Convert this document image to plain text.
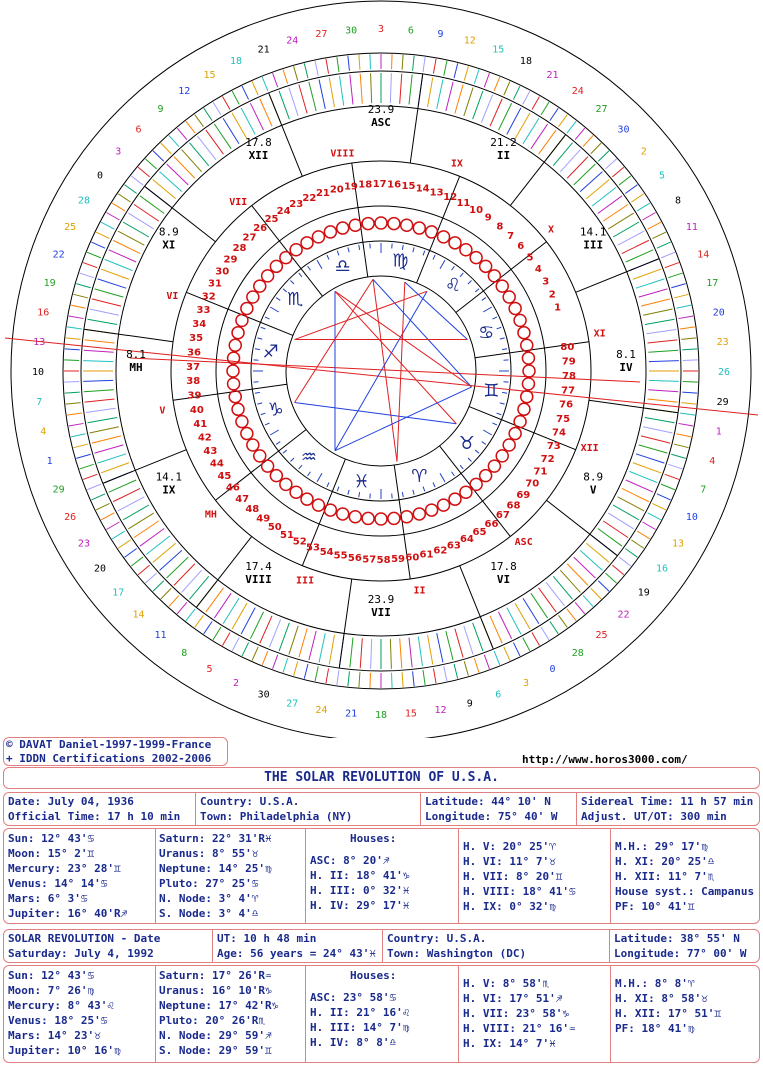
3 6 9
12
15
18
21
24
27
30
2
5
8
11
14
17
20
23
26
29
1
4
7
10
13
16
19
22
25
28
0
3
6
9
12
15
18
21
24
27
30
2
5
8
11
14
17
20
23
26
29
1
4
7
10
13
16
19
22
25
28
0
3
6
9
12
15
18
21
24
27 30
1
2
3
4
5
6
7
8
9
10
11
12
13
14
15
16
17
18
19
20
21
22
23
24
25
26
27
28
29
30
31
32
33
34
35
36
37
38
39
40
41
42
43
44
45
46
47
48
49
50
51
52
53 54 55 56 57 58 59 60 61 62 63
64
65
66
67
68
69
70
71
72
73
74
75
76
77
78
79
80
♍
♌
♋
♊
♉
♈
♓
♒
♑
♐
♏
♎
II
21.2
III
14.1
IV
8.1
V
8.9
VI
17.8
VII
23.9
VIII
17.4
IX
14.1
MH
8.1
XI
8.9
XII
17.8
ASC
23.9
IX
X
XI
XII
ASC
II
III
MH
V
VI
VII
VIII
© DAVAT Daniel-1997-1999-France
+ IDDN Certifications 2002-2006	http://www.horos3000.com/
THE SOLAR REVOLUTION OF U.S.A.
Date: July 04, 1936
Official Time: 17 h 10 min
Country: U.S.A.
Town: Philadelphia (NY)
Latitude: 44° 10' N
Longitude: 75° 40' W
Sidereal Time: 11 h 57 min
Adjust. UT/OT: 300 min
Sun: 12° 43'♋
Moon: 15° 2'♊
Mercury: 23° 28'♊
Venus: 14° 14'♋
Mars: 6° 3'♋
Jupiter: 16° 40'R♐
Saturn: 22° 31'R♓
Uranus: 8° 55'♉
Neptune: 14° 25'♍
Pluto: 27° 25'♋
N. Node: 3° 4'♈
S. Node: 3° 4'♎
Houses:
ASC: 8° 20'♐
H. II: 18° 41'♑
H. III: 0° 32'♓
H. IV: 29° 17'♓
H. V: 20° 25'♈
H. VI: 11° 7'♉
H. VII: 8° 20'♊
H. VIII: 18° 41'♋
H. IX: 0° 32'♍
M.H.: 29° 17'♍
H. XI: 20° 25'♎
H. XII: 11° 7'♏
House syst.: Campanus
PF: 10° 41'♊
SOLAR REVOLUTION - Date
Saturday: July 4, 1992
UT: 10 h 48 min
Age: 56 years = 24° 43'♓
Country: U.S.A.
Town: Washington (DC)
Latitude: 38° 55' N
Longitude: 77° 00' W
Sun: 12° 43'♋
Moon: 7° 26'♍
Mercury: 8° 43'♌
Venus: 18° 25'♋
Mars: 14° 23'♉
Jupiter: 10° 16'♍
Saturn: 17° 26'R♒
Uranus: 16° 10'R♑
Neptune: 17° 42'R♑
Pluto: 20° 26'R♏
N. Node: 29° 59'♐
S. Node: 29° 59'♊
Houses:
ASC: 23° 58'♋
H. II: 21° 16'♌
H. III: 14° 7'♍
H. IV: 8° 8'♎
H. V: 8° 58'♏
H. VI: 17° 51'♐
H. VII: 23° 58'♑
H. VIII: 21° 16'♒
H. IX: 14° 7'♓
M.H.: 8° 8'♈
H. XI: 8° 58'♉
H. XII: 17° 51'♊
PF: 18° 41'♍
